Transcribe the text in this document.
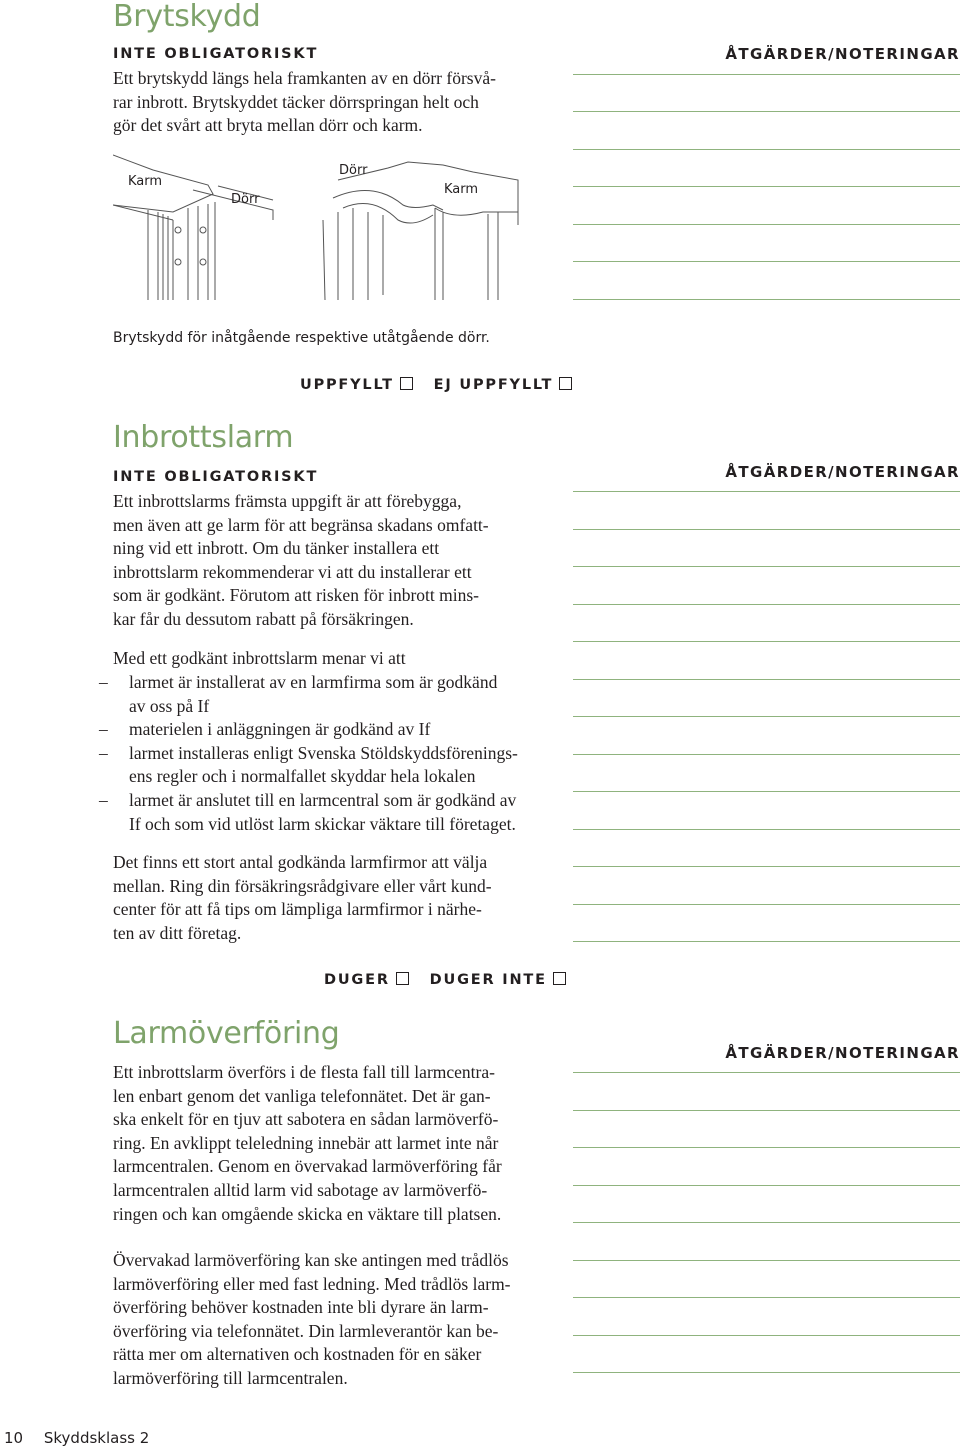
Brytskydd
INTE OBLIGATORISKT
Ett brytskydd längs hela framkanten av en dörr försvå-
rar inbrott. Brytskyddet täcker dörrspringan helt och
gör det svårt att bryta mellan dörr och karm.
Karm
Dörr
Dörr
Karm
Brytskydd för inåtgående respektive utåtgående dörr.
UPPFYLLT	EJ UPPFYLLT
ÅTGÄRDER/NOTERINGAR
Inbrottslarm
INTE OBLIGATORISKT
Ett inbrottslarms främsta uppgift är att förebygga,
men även att ge larm för att begränsa skadans omfatt-
ning vid ett inbrott. Om du tänker installera ett
inbrottslarm rekommenderar vi att du installerar ett
som är godkänt. Förutom att risken för inbrott mins-
kar får du dessutom rabatt på försäkringen.
Med ett godkänt inbrottslarm menar vi att
– larmet är installerat av en larmfirma som är godkänd
av oss på If
– materielen i anläggningen är godkänd av If
– larmet installeras enligt Svenska Stöldskyddsförenings-
ens regler och i normalfallet skyddar hela lokalen
– larmet är anslutet till en larmcentral som är godkänd av
If och som vid utlöst larm skickar väktare till företaget.
Det finns ett stort antal godkända larmfirmor att välja
mellan. Ring din försäkringsrådgivare eller vårt kund-
center för att få tips om lämpliga larmfirmor i närhe-
ten av ditt företag.
DUGER	DUGER INTE
ÅTGÄRDER/NOTERINGAR
Larmöverföring
Ett inbrottslarm överförs i de flesta fall till larmcentra-
len enbart genom det vanliga telefonnätet. Det är gan-
ska enkelt för en tjuv att sabotera en sådan larmöverfö-
ring. En avklippt teleledning innebär att larmet inte når
larmcentralen. Genom en övervakad larmöverföring får
larmcentralen alltid larm vid sabotage av larmöverfö-
ringen och kan omgående skicka en väktare till platsen.
Övervakad larmöverföring kan ske antingen med trådlös
larmöverföring eller med fast ledning. Med trådlös larm-
överföring behöver kostnaden inte bli dyrare än larm-
överföring via telefonnätet. Din larmleverantör kan be-
rätta mer om alternativen och kostnaden för en säker
larmöverföring till larmcentralen.
ÅTGÄRDER/NOTERINGAR
10 Skyddsklass 2
